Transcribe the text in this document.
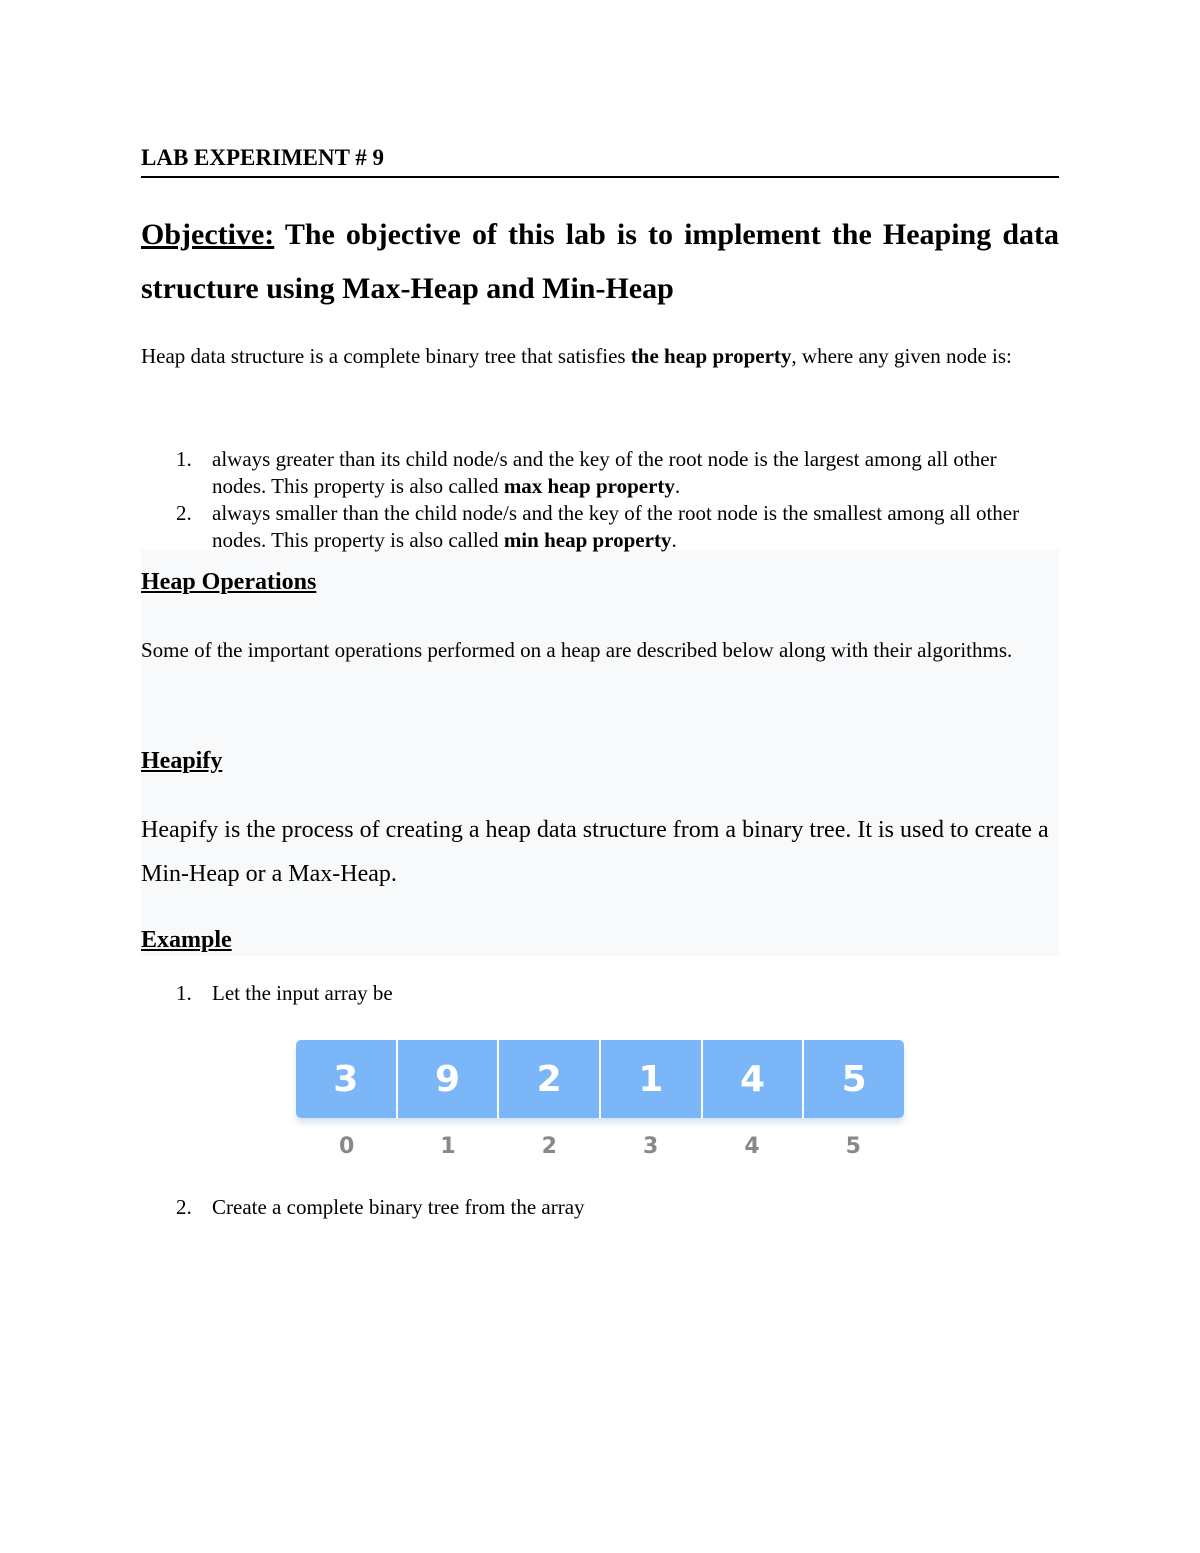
LAB EXPERIMENT # 9
Objective: The objective of this lab is to implement the Heaping data structure using Max-Heap and Min-Heap
Heap data structure is a complete binary tree that satisfies the heap property, where any given node is:
1. always greater than its child node/s and the key of the root node is the largest among all other nodes. This property is also called max heap property.
2. always smaller than the child node/s and the key of the root node is the smallest among all other nodes. This property is also called min heap property.
Heap Operations
Some of the important operations performed on a heap are described below along with their algorithms.
Heapify
Heapify is the process of creating a heap data structure from a binary tree. It is used to create a Min-Heap or a Max-Heap.
Example
1. Let the input array be
2. Create a complete binary tree from the array
3	9	2	1	4	5
0	1	2	3	4	5
